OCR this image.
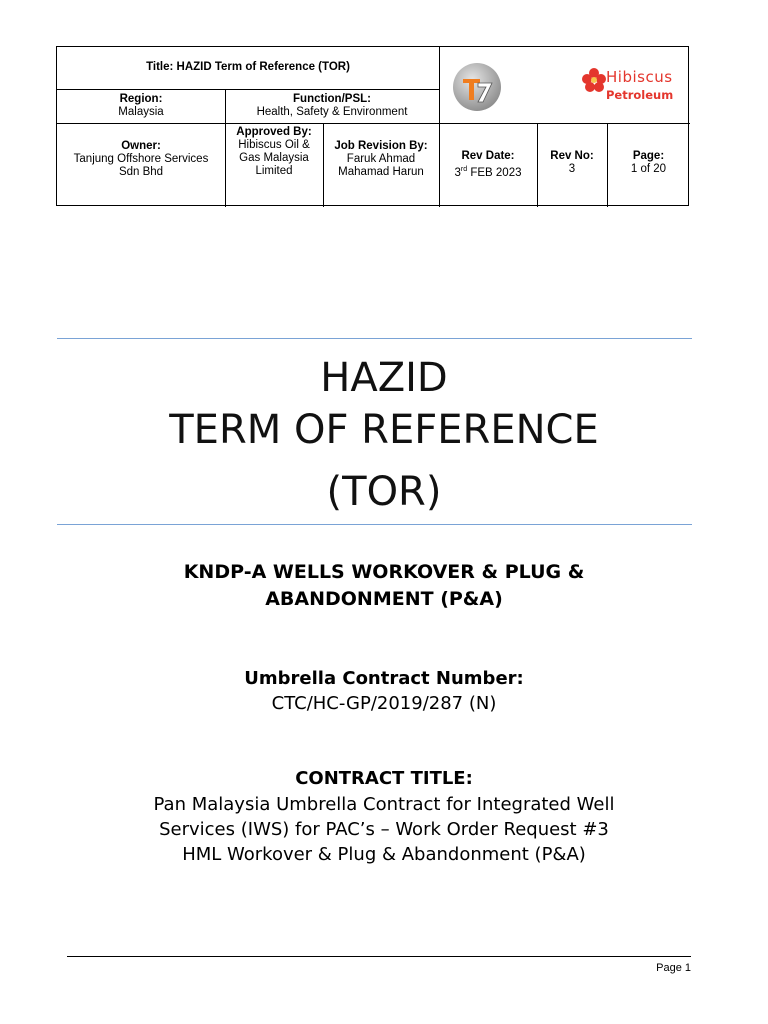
Title: HAZID Term of Reference (TOR)
Region:
Malaysia
Function/PSL:
Health, Safety & Environment
Owner:
Tanjung Offshore Services
Sdn Bhd
Approved By:
Hibiscus Oil &
Gas Malaysia
Limited
Job Revision By:
Faruk Ahmad
Mahamad Harun
Rev Date:
3rd FEB 2023
Rev No:
3
Page:
1 of 20
Hibiscus
Petroleum
HAZID
TERM OF REFERENCE
(TOR)
KNDP-A WELLS WORKOVER & PLUG &
ABANDONMENT (P&A)
Umbrella Contract Number:
CTC/HC-GP/2019/287 (N)
CONTRACT TITLE:
Pan Malaysia Umbrella Contract for Integrated Well
Services (IWS) for PAC’s – Work Order Request #3
HML Workover & Plug & Abandonment (P&A)
Page 1
